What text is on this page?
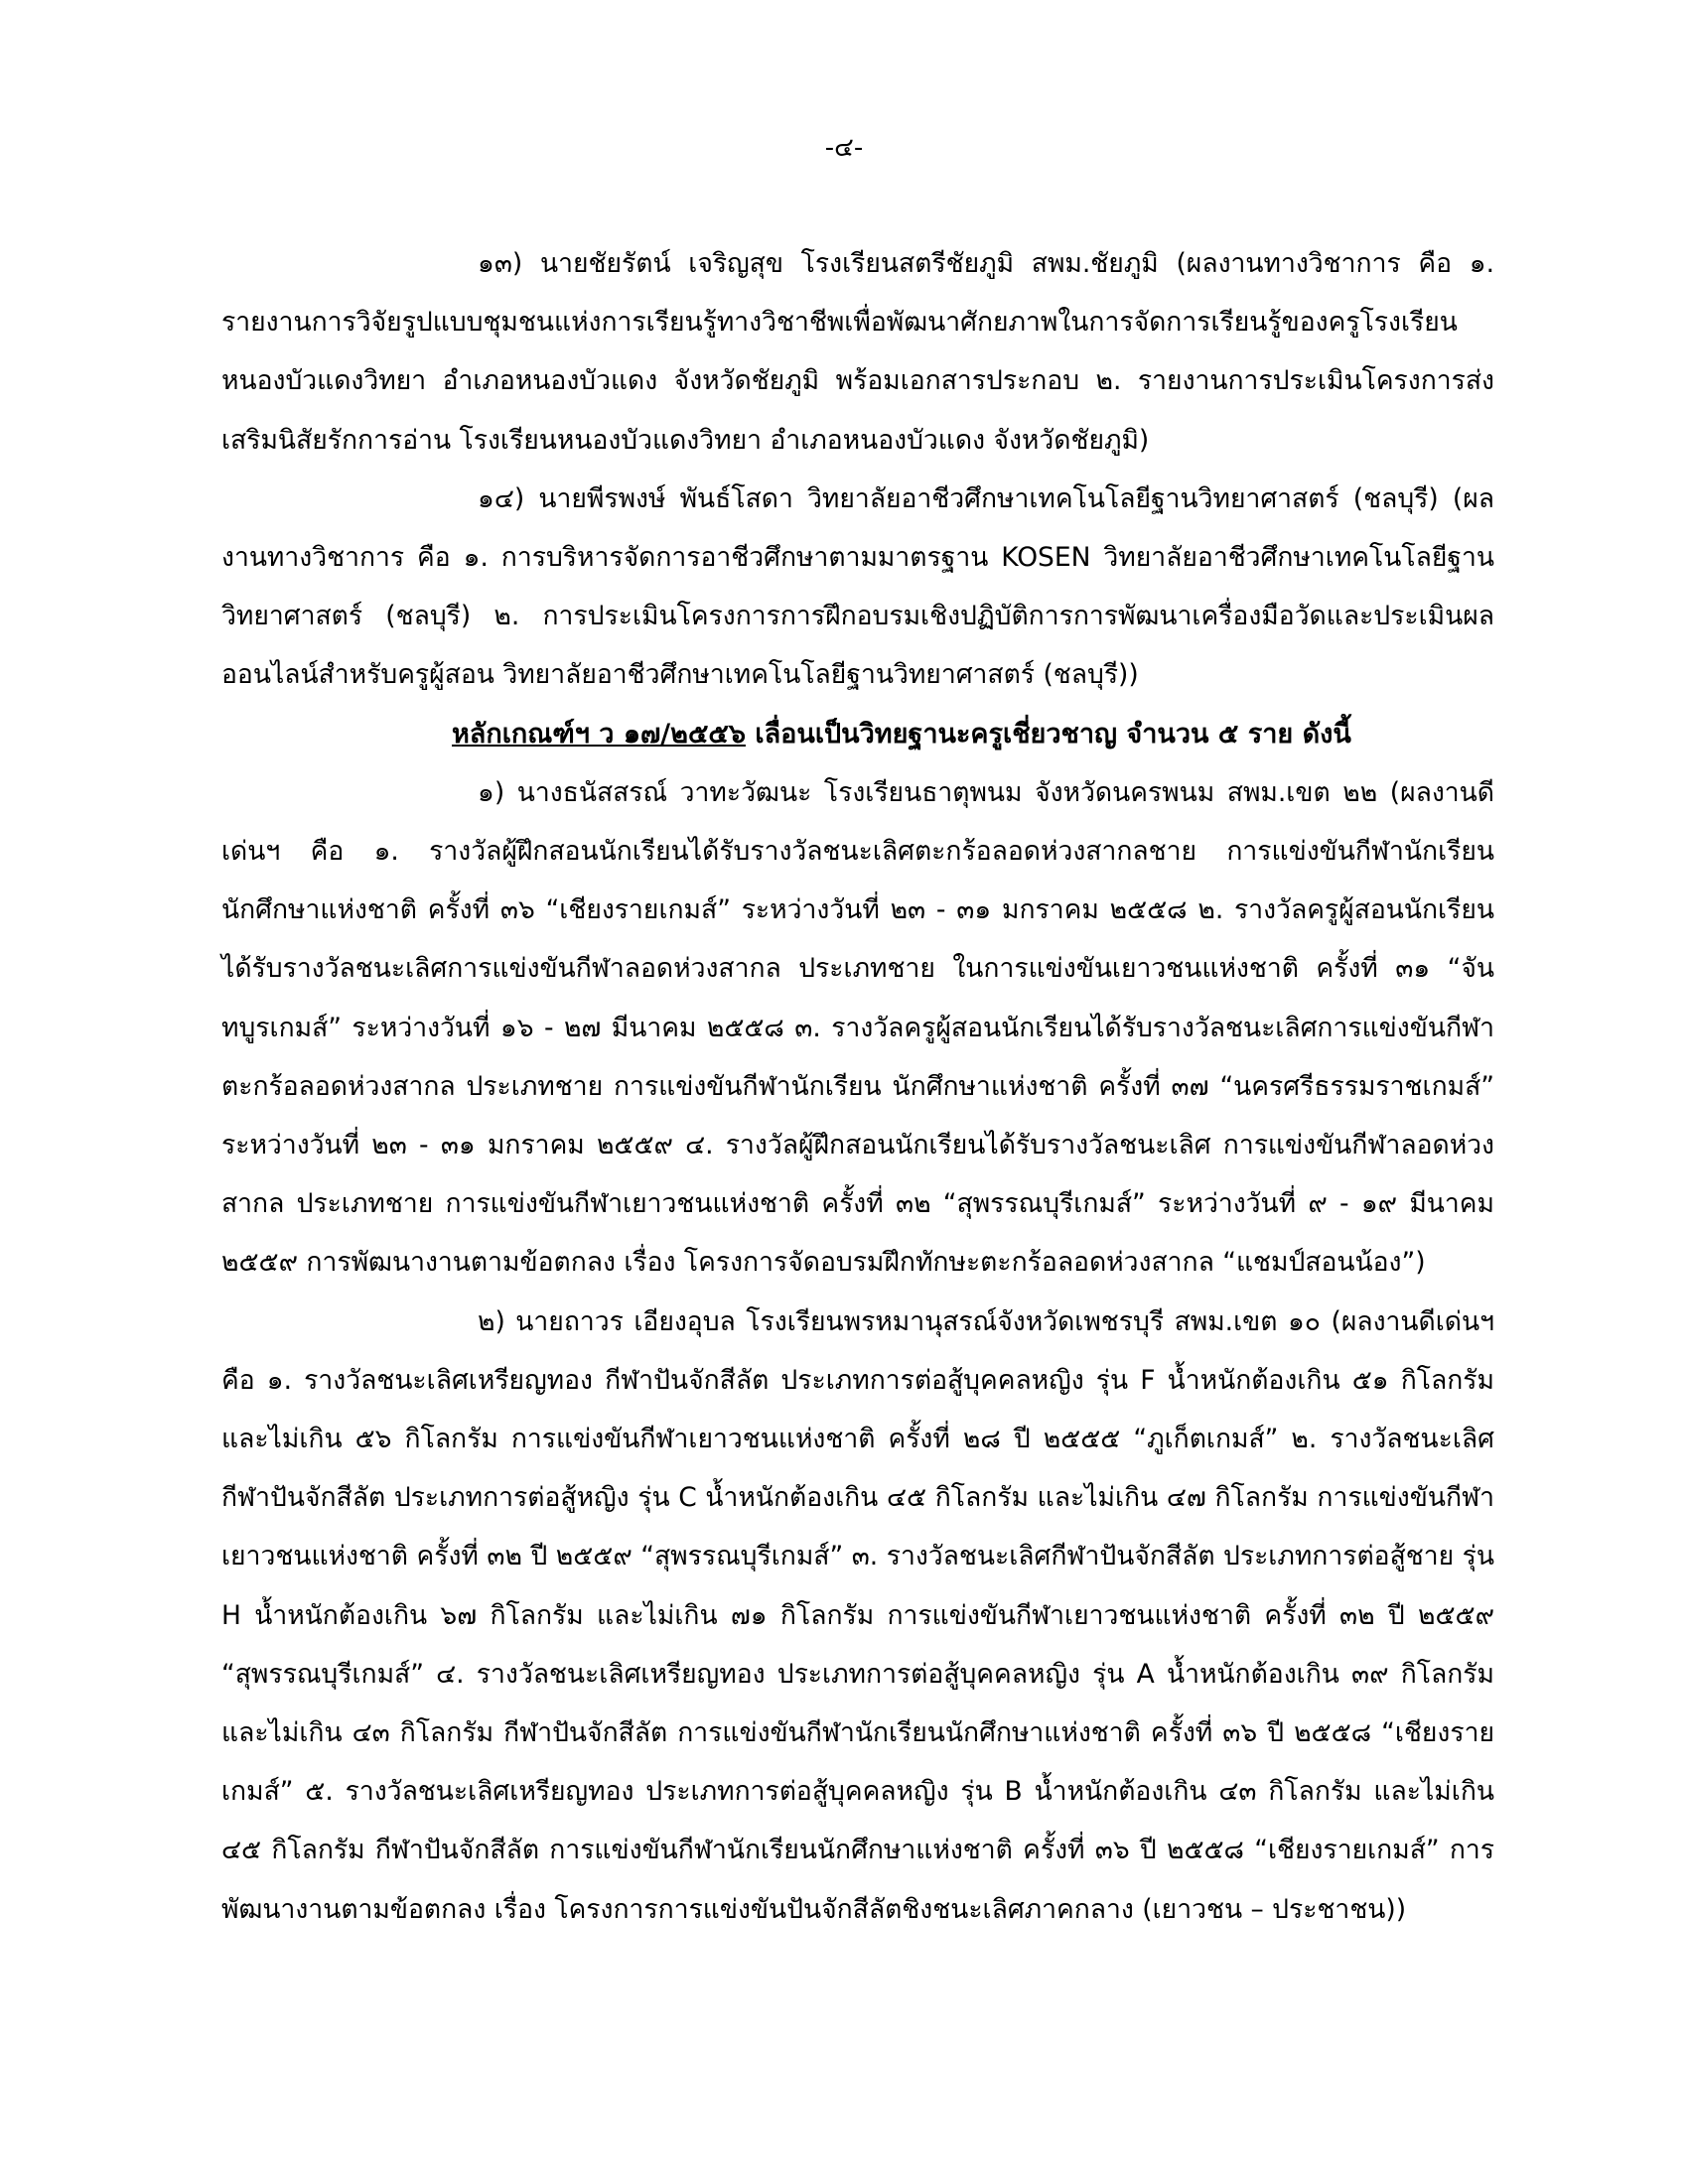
-๔-

๑๓) นายชัยรัตน์ เจริญสุข โรงเรียนสตรีชัยภูมิ สพม.ชัยภูมิ (ผลงานทางวิชาการ คือ ๑. รายงานการวิจัยรูปแบบชุมชนแห่งการเรียนรู้ทางวิชาชีพเพื่อพัฒนาศักยภาพในการจัดการเรียนรู้ของครูโรงเรียนหนองบัวแดงวิทยา อำเภอหนองบัวแดง จังหวัดชัยภูมิ พร้อมเอกสารประกอบ ๒. รายงานการประเมินโครงการส่งเสริมนิสัยรักการอ่าน โรงเรียนหนองบัวแดงวิทยา อำเภอหนองบัวแดง จังหวัดชัยภูมิ)

๑๔) นายพีรพงษ์ พันธ์โสดา วิทยาลัยอาชีวศึกษาเทคโนโลยีฐานวิทยาศาสตร์ (ชลบุรี) (ผลงานทางวิชาการ คือ ๑. การบริหารจัดการอาชีวศึกษาตามมาตรฐาน KOSEN วิทยาลัยอาชีวศึกษาเทคโนโลยีฐานวิทยาศาสตร์ (ชลบุรี) ๒. การประเมินโครงการการฝึกอบรมเชิงปฏิบัติการการพัฒนาเครื่องมือวัดและประเมินผลออนไลน์สำหรับครูผู้สอน วิทยาลัยอาชีวศึกษาเทคโนโลยีฐานวิทยาศาสตร์ (ชลบุรี))

หลักเกณฑ์ฯ ว ๑๗/๒๕๕๖ เลื่อนเป็นวิทยฐานะครูเชี่ยวชาญ จำนวน ๕ ราย ดังนี้

๑) นางธนัสสรณ์ วาทะวัฒนะ โรงเรียนธาตุพนม จังหวัดนครพนม สพม.เขต ๒๒ (ผลงานดีเด่นฯ คือ ๑. รางวัลผู้ฝึกสอนนักเรียนได้รับรางวัลชนะเลิศตะกร้อลอดห่วงสากลชาย การแข่งขันกีฬานักเรียน นักศึกษาแห่งชาติ ครั้งที่ ๓๖ “เชียงรายเกมส์” ระหว่างวันที่ ๒๓ - ๓๑ มกราคม ๒๕๕๘ ๒. รางวัลครูผู้สอนนักเรียนได้รับรางวัลชนะเลิศการแข่งขันกีฬาลอดห่วงสากล ประเภทชาย ในการแข่งขันเยาวชนแห่งชาติ ครั้งที่ ๓๑ “จันทบูรเกมส์” ระหว่างวันที่ ๑๖ - ๒๗ มีนาคม ๒๕๕๘ ๓. รางวัลครูผู้สอนนักเรียนได้รับรางวัลชนะเลิศการแข่งขันกีฬาตะกร้อลอดห่วงสากล ประเภทชาย การแข่งขันกีฬานักเรียน นักศึกษาแห่งชาติ ครั้งที่ ๓๗ “นครศรีธรรมราชเกมส์” ระหว่างวันที่ ๒๓ - ๓๑ มกราคม ๒๕๕๙ ๔. รางวัลผู้ฝึกสอนนักเรียนได้รับรางวัลชนะเลิศ การแข่งขันกีฬาลอดห่วงสากล ประเภทชาย การแข่งขันกีฬาเยาวชนแห่งชาติ ครั้งที่ ๓๒ “สุพรรณบุรีเกมส์” ระหว่างวันที่ ๙ - ๑๙ มีนาคม ๒๕๕๙ การพัฒนางานตามข้อตกลง เรื่อง โครงการจัดอบรมฝึกทักษะตะกร้อลอดห่วงสากล “แชมป์สอนน้อง”)

๒) นายถาวร เอียงอุบล โรงเรียนพรหมานุสรณ์จังหวัดเพชรบุรี สพม.เขต ๑๐ (ผลงานดีเด่นฯ คือ ๑. รางวัลชนะเลิศเหรียญทอง กีฬาปันจักสีลัต ประเภทการต่อสู้บุคคลหญิง รุ่น F น้ำหนักต้องเกิน ๕๑ กิโลกรัม และไม่เกิน ๕๖ กิโลกรัม การแข่งขันกีฬาเยาวชนแห่งชาติ ครั้งที่ ๒๘ ปี ๒๕๕๕ “ภูเก็ตเกมส์” ๒. รางวัลชนะเลิศกีฬาปันจักสีลัต ประเภทการต่อสู้หญิง รุ่น C น้ำหนักต้องเกิน ๔๕ กิโลกรัม และไม่เกิน ๔๗ กิโลกรัม การแข่งขันกีฬาเยาวชนแห่งชาติ ครั้งที่ ๓๒ ปี ๒๕๕๙ “สุพรรณบุรีเกมส์” ๓. รางวัลชนะเลิศกีฬาปันจักสีลัต ประเภทการต่อสู้ชาย รุ่น H น้ำหนักต้องเกิน ๖๗ กิโลกรัม และไม่เกิน ๗๑ กิโลกรัม การแข่งขันกีฬาเยาวชนแห่งชาติ ครั้งที่ ๓๒ ปี ๒๕๕๙ “สุพรรณบุรีเกมส์” ๔. รางวัลชนะเลิศเหรียญทอง ประเภทการต่อสู้บุคคลหญิง รุ่น A น้ำหนักต้องเกิน ๓๙ กิโลกรัม และไม่เกิน ๔๓ กิโลกรัม กีฬาปันจักสีลัต การแข่งขันกีฬานักเรียนนักศึกษาแห่งชาติ ครั้งที่ ๓๖ ปี ๒๕๕๘ “เชียงรายเกมส์” ๕. รางวัลชนะเลิศเหรียญทอง ประเภทการต่อสู้บุคคลหญิง รุ่น B น้ำหนักต้องเกิน ๔๓ กิโลกรัม และไม่เกิน ๔๕ กิโลกรัม กีฬาปันจักสีลัต การแข่งขันกีฬานักเรียนนักศึกษาแห่งชาติ ครั้งที่ ๓๖ ปี ๒๕๕๘ “เชียงรายเกมส์” การพัฒนางานตามข้อตกลง เรื่อง โครงการการแข่งขันปันจักสีลัตชิงชนะเลิศภาคกลาง (เยาวชน – ประชาชน))
